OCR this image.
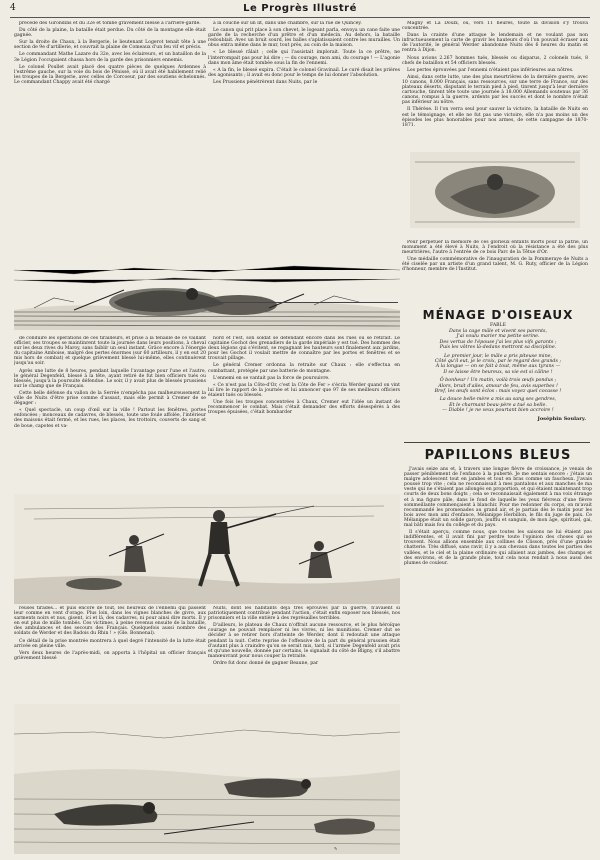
4	Le Progrès Illustré

précédé des Girondins et du 32e et tombe gravement blessé à l'arrière-garde.

Du côté de la plaine, la bataille était perdue. Du côté de la montagne elle était gagnée.

Sur la droite de Chaux, à la Bergerie, le lieutenant Logerot tenait tête à une section de 9e d'artillerie, et couvrait la plaine de Comeaux d'un feu vif et précis.

Le commandant Mathe Lazare du 32e, avec les éclaireurs, et un bataillon de la 3e Légion l'occupaient chassa hors de la garde des prisonniers ennemis.

Le colonel Poullet avait placé des quatre pièces de quelques Ardennes à l'extrême gauche, sur la voie du bois de Pénissé, où il avait été habilement relié les troupes de la Bergerie, avec celles de Corcoeur, par des soutiens échelonnés. Le commandant Chappy avait été chargé

à la couche sur un lit, dans une chambre, sur la rue de Quincey.

Le canon qui prit place à son chevet, le logeant parla, envoya un cane faite une garde de la recherche d'un prêtre et d'un médecin. Au dehors, la bataille redoublait. Avec un bruit sourd, les balles s'aplatissaient contre les murailles. Un obus entra même dans le mur, tout près, au coin de la maison.

« Le blessé râlait ; celle qui l'assistait implorait. Toute la ce prêtre, ne l'interrompait pas pour lui dire ; — du courage, mon ami, du courage ! — L'agonie dans mon âme était tombée sous la fin de l'ennemi.

« A la fin, le blessé expira. C'était le colonel Gravinail. Le curé disait les prières des agonisants ; il avait eu donc pour le temps de lui donner l'absolution.

Les Prussiens pénétrèrent dans Nuits, par le

de conduire les opérations de ces tirailleurs, et prise à la tenaille de ce vaillant officier, ses troupes se maintinrent toute la journée dans leurs positions, à cheval sur les deux rives du Maroy, sans faiblir un seul instant. Grâce encore à l'énergie du capitaine Amboise, malgré des pertes énormes (sur 60 artilleurs, il y en eut 20 mis hors de combat) et quelque grièvement blessé lui-même, elles continuèrent jusqu'au soir.

Après une lutte de 8 heures, pendant laquelle l'avantage pour l'une et l'autre, le général Degenfeld, blessé à la tête, ayant retiré de fut bien officiers tués ou blessés, jusqu'à la poursuite défendue. Le soir, il y avait plus de blessés prussiens sur le champ que de Français.

Cette belle défense du vallon de la Serrée n'empêcha pas malheureusement la ville de Nuits d'être prise comme d'assaut, mais elle permit à Cremer de se dégager :

« Quel spectacle, un coup d'œil sur la ville ! Partout les fenêtres, portes enfoncées ; monceaux de cadavres, de blessés, toute une foule affolée, l'intérieur des maisons était fermé, et les rues, les places, les trottoirs, couverts de sang et de boue, capotes et va-

nord et l'est, son soldat se défendant encore dans les rues ou se retirait. Le capitaine Gochot des grenadiers de la garde impériale y est tué. Des hommes des deux légions qui s'évitent, se regagnant les hauteurs sont finalement aux jardins, pour les Gochot il voulait mettre de connaître par les portes et fenêtres et se trouvait pillage.

Le général Cremer ordonna la retraite sur Chaux : elle s'effectua en combattant, protégée par une batterie de montagne.

L'ennemi en se vantait pas la force de poursuivre.

« Ce n'est pas la Côte-d'Or, c'est la Côte de Fer » s'écria Werder quand on vint lui lire le rapport de la journée et lui annoncer que 97 de ses meilleurs officiers étaient tués ou blessés.

Une fois les troupes concentrées à Chaux, Cremer eut l'idée un instant de recommencer le combat. Mais c'était demander des efforts désespérés à des troupes épuisées, c'était bombarder

reuses tirades... et puis encore de tout, les heureux de l'ennemi qui passent leur comme en vent d'orage. Plus loin, dans les vignes blanches de givre, aux sarments noirs et nus, gisent, ici et là, des cadavres, ni pour ainsi dire morts. Il y en eut plus de mille tombés. Ces victimes, à peine revenus ensuite de la bataille, des ambulances et des secours des Français. Quelquefois aussi nombre des soldats de Werder et des Badois du Rhin ! » (Gle. Bonnenal).

Ce détail de la prise montrée montrera à quel degré l'intensité de la lutte était arrivée en pleine ville.

Vers deux heures de l'après-midi, on apporta à l'hôpital un officier français grièvement blessé

Nuits, dont les habitants déjà très éprouvés par la guerre, n'avaient si patriotiquement contribué pendant l'action, c'était enfin exposer nos blessés, nos prisonniers et la ville entière à des représailles terribles.

D'ailleurs, le plateau de Chaux n'offrait aucune ressource, et le plus héroïque courage ne pouvait remplacer ni les vivres, ni les munitions. Cremer dut se décider à se retirer hors d'atteinte de Werder, dont il redoutait une attaque pendant la nuit. Cette reprise de l'offensive de la part du général prussien était d'autant plus à craindre qu'on se serait mis, tard, si l'armée Degenfeld avait pris et qu'une nouvelle, donnée par certains, le signalait du côté de Bligny, s'il abattre manœuvrant pour nous couper la retraite.

Ordre fut donc donné de gagner Beaune, par

✎

Magny et La Doulx, où, vers 11 heures, toute la division s'y trouva concentrée.

Dans la crainte d'une attaque le lendemain et ne voulant pas non infructueusement la carte de gravir les hauteurs d'où l'on pouvait écraser aux de l'autorité, le général Werder abandonne Nuits dès 6 heures du matin et rentra à Dijon.

Nous avions 2.267 hommes tués, blessés ou disparus, 2 colonels tués, 8 chefs de bataillon et 54 officiers blessés.

Les pertes éprouvées par l'ennemi n'étaient pas inférieures aux nôtres.

Ainsi, dans cette lutte, une des plus meurtrières de la dernière guerre, avec 10 canons, 8.000 Français, sans ressources, sur une terre de France, sur des plateaux déserts, disputant le terrain pied à pied, tinrent jusqu'à leur dernière cartouche, tinrent tête toute une journée à 18.000 Allemands soutenus par 36 canons, rompus à la guerre, ardents par les succès et dont le nombre n'était pas inférieur au nôtre.

Il Thérèse. Il l'on verra seul pour sauver la victoire, la bataille de Nuits en est le témoignage, et elle ne fut pas une victoire, elle n'a pas moins un des épisodes les plus honorables pour nos armes, de cette campagne de 1870-1871.

Pour perpétuer la mémoire de ces glorieux enfants morts pour la patrie, un monument a été élevé à Nuits, à l'endroit où la résistance a été des plus meurtrières, l'autre à l'entrée de ce bois Parc de la Têtue d'Or.

Une médaille commémorative de l'inauguration de la Pommeraye de Nuits a été ciselée par un artiste d'un grand talent, M. G. Ruty, officier de la Légion d'honneur, membre de l'Institut.

MÉNAGE D'OISEAUX

FABLE

Dans la cage mâle et vivent ses parents,
J'ai voulu marier ma petite serine.
Des vertus de l'épouse j'ai les plus vifs garants ;
Puis les vôtres là-dedans mettront sa discipline.

Le premier jour, le mâle a pris piteuse mine,
Côté qu'il eut, je le croix, par le regard des grands ;
À la longue — on se fait à tout, même aux tyrans —
Il se laisse être heureux, sa vie est si câline !

Ô bonheur ! Un matin, voilà trois œufs pondus ;
Alors, bruit d'ailes, amour de feu, avis superbes !
Bref, les œufs sont éclos : mais voyez quel cocasse !

La douce belle-mère a mis au sang ses gendres,
Et le charmant beau-père a tué sa belle.
— Diable ! je ne veux pourtant bien accroire !

Joséphin Soulary.

PAPILLONS BLEUS

J'avais seize ans et, à travers une longue fièvre de croissance, je venais de passer péniblement de l'enfance à la puberté. Je me sentais encore : j'étais un malgre adolescent tout en jambes et tout en bras comme un faucheux. J'avais poussé trop vite ; cela ne reconnaissait à mes pantalons et aux manches de ma veste qui ne s'étaient pas allongés en proportion, et qui étaient maintenant trop courts de deux bons doigts ; cela se reconnaissait également à ma voix étrange et à ma figure pâle, dans le fond de laquelle les yeux fiévreux d'une fièvre sommeillante commençaient à blanchir. Pour me redonner du corps, on m'avait recommandé les promenades au grand air, et je partais dès le matin pour les bois avec mon ami d'enfance, Mélanippe Herbillon, le fils du juge de paix. Ce Mélanippe était un solide garçon, joufflu et sanguin, de mon âge, spirituel, gai, mal bâti mais fou du collège et du pays.

Il s'était aperçu, comme nous, que toutes les saisons ne lui étaient pas indifférentes, et il avait fini par perdre toute l'opinion des choses qui se trouvent. Nous allions ensemble aux collines de Clisson, près d'une grande chatterie. Très diffusé, sans ravir, il y a aux chevaux dans toutes les parties des vallées, et le ciel et la plaine ordinaire qui allaient aux jambes, des champs et des environs, et de la grande pluie, tout cela nous rendait à nous aussi des plumes de couleur.
